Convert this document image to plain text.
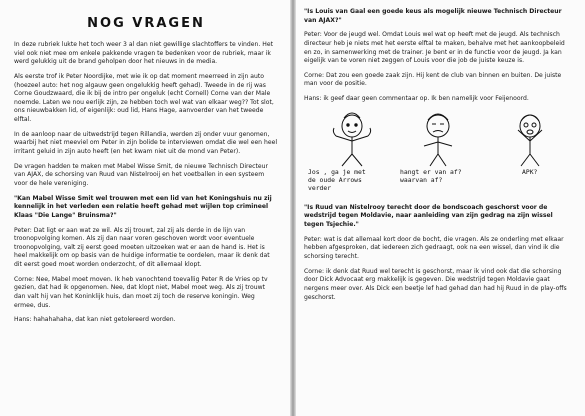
NOG VRAGEN

In deze rubriek lukte het toch weer 3 al dan niet gewillige slachtoffers te vinden. Het viel ook niet mee om enkele pakkende vragen te bedenken voor de rubriek, maar ik werd gelukkig uit de brand geholpen door het nieuws in de media.

Als eerste trof ik Peter Noordijke, met wie ik op dat moment meerreed in zijn auto (hoezeel auto: het nog algauw geen ongelukkig heeft gehad). Tweede in de rij was Corne Goudzwaard, die ik bij de intro per ongeluk (echt Cornell) Corne van der Male noemde. Laten we nou eerlijk zijn, ze hebben toch wel wat van elkaar weg?? Tot slot, ons nieuwbakken lid, of eigenlijk: oud lid, Hans Hage, aanvoerder van het tweede elftal.

In de aanloop naar de uitwedstrijd tegen Rillandia, werden zij onder vuur genomen, waarbij het niet meeviel om Peter in zijn bolide te interviewen omdat die wel een heel irritant geluid in zijn auto heeft (en het kwam niet uit de mond van Peter).

De vragen hadden te maken met Mabel Wisse Smit, de nieuwe Technisch Directeur van AJAX, de schorsing van Ruud van Nistelrooij en het voetballen in een systeem voor de hele vereniging.

"Kan Mabel Wisse Smit wel trouwen met een lid van het Koningshuis nu zij kennelijk in het verleden een relatie heeft gehad met wijlen top crimineel Klaas "Die Lange" Bruinsma?"

Peter: Dat ligt er aan wat ze wil. Als zij trouwt, zal zij als derde in de lijn van troonopvolging komen. Als zij dan naar voren geschoven wordt voor eventuele troonopvolging, valt zij eerst goed moeten uitzoeken wat er aan de hand is. Het is heel makkelijk om op basis van de huidige informatie te oordelen, maar ik denk dat dit eerst goed moet worden onderzocht, of dit allemaal klopt.

Corne: Nee, Mabel moet moven. Ik heb vanochtend toevallig Peter R de Vries op tv gezien, dat had ik opgenomen. Nee, dat klopt niet, Mabel moet weg. Als zij trouwt dan valt hij van het Koninklijk huis, dan moet zij toch de reserve koningin. Weg ermee, dus.

Hans: hahahahaha, dat kan niet getolereerd worden.

"Is Louis van Gaal een goede keus als mogelijk nieuwe Technisch Directeur van AJAX?"

Peter: Voor de jeugd wel. Omdat Louis wel wat op heeft met de jeugd. Als technisch directeur heb je niets met het eerste elftal te maken, behalve met het aankoopbeleid en zo, in samenwerking met de trainer. Je bent er in de functie voor de jeugd. Ja kan eigelijk van te voren niet zeggen of Louis voor die job de juiste keuze is.

Corne: Dat zou een goede zaak zijn. Hij kent de club van binnen en buiten. De juiste man voor de positie.

Hans: ik geef daar geen commentaar op. Ik ben namelijk voor Feijenoord.

Jos , ga je met
de oude Arrows
verder
hangt er van af?
waarvan af?
APK?

"Is Ruud van Nistelrooy terecht door de bondscoach geschorst voor de wedstrijd tegen Moldavie, naar aanleiding van zijn gedrag na zijn wissel tegen Tsjechie."

Peter: wat is dat allemaal kort door de bocht, die vragen. Als ze onderling met elkaar hebben afgesproken, dat iedereen zich gedraagt, ook na een wissel, dan vind ik die schorsing terecht.

Corne: ik denk dat Ruud wel terecht is geschorst, maar ik vind ook dat die schorsing door Dick Advocaat erg makkelijk is gegeven. Die wedstrijd tegen Moldavie gaat nergens meer over. Als Dick een beetje lef had gehad dan had hij Ruud in de play-offs geschorst.
